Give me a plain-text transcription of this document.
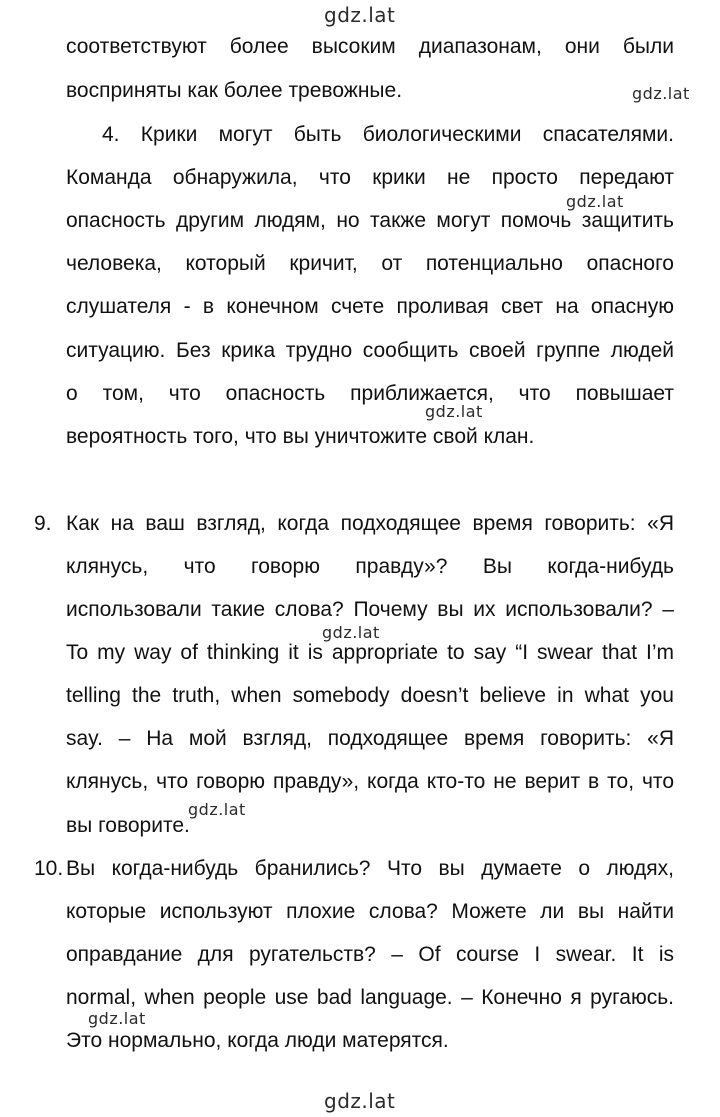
gdz.lat
gdz.lat
gdz.lat
gdz.lat
gdz.lat
gdz.lat
gdz.lat
gdz.lat
соответствуют более высоким диапазонам, они были
восприняты как более тревожные.
4. Крики могут быть биологическими спасателями.
Команда обнаружила, что крики не просто передают
опасность другим людям, но также могут помочь защитить
человека, который кричит, от потенциально опасного
слушателя - в конечном счете проливая свет на опасную
ситуацию. Без крика трудно сообщить своей группе людей
о том, что опасность приближается, что повышает
вероятность того, что вы уничтожите свой клан.
9. Как на ваш взгляд, когда подходящее время говорить: «Я
клянусь, что говорю правду»? Вы когда-нибудь
использовали такие слова? Почему вы их использовали? –
To my way of thinking it is appropriate to say “I swear that I’m
telling the truth, when somebody doesn’t believe in what you
say. – На мой взгляд, подходящее время говорить: «Я
клянусь, что говорю правду», когда кто-то не верит в то, что
вы говорите.
10. Вы когда-нибудь бранились? Что вы думаете о людях,
которые используют плохие слова? Можете ли вы найти
оправдание для ругательств? – Of course I swear. It is
normal, when people use bad language. – Конечно я ругаюсь.
Это нормально, когда люди матерятся.
